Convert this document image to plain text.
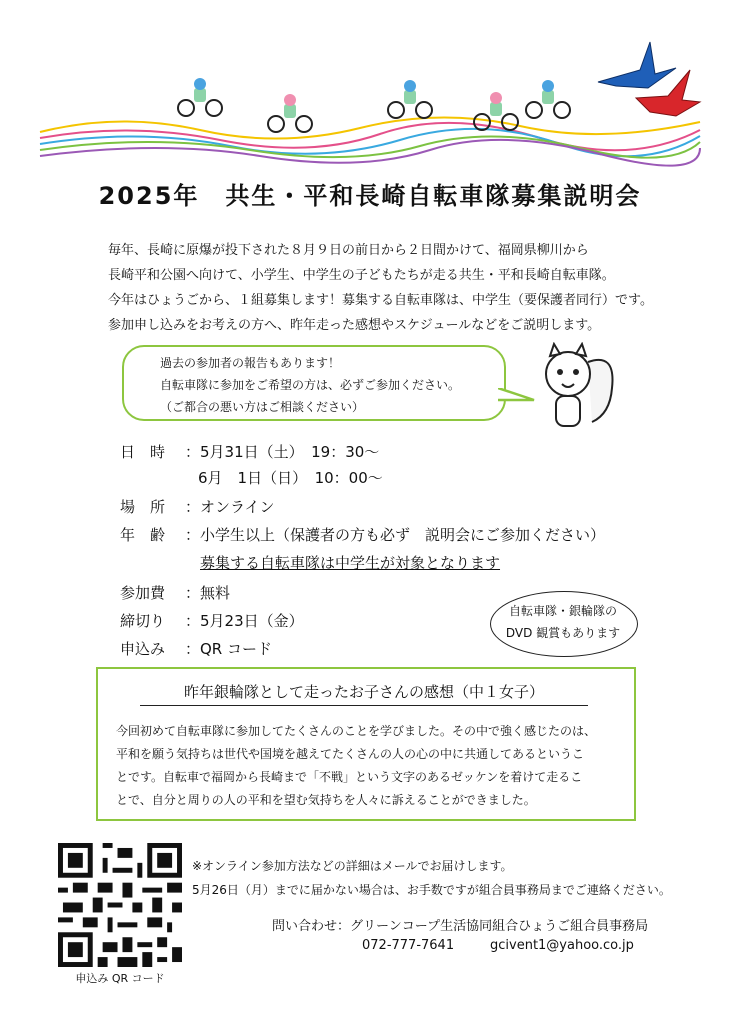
2025年　共生・平和長崎自転車隊募集説明会
毎年、長崎に原爆が投下された８月９日の前日から２日間かけて、福岡県柳川から
長崎平和公園へ向けて、小学生、中学生の子どもたちが走る共生・平和長崎自転車隊。
今年はひょうごから、１組募集します！募集する自転車隊は、中学生（要保護者同行）です。
参加申し込みをお考えの方へ、昨年走った感想やスケジュールなどをご説明します。
過去の参加者の報告もあります！
自転車隊に参加をご希望の方は、必ずご参加ください。
（ご都合の悪い方はご相談ください）
日　時 ：5月31日（土）　19：30〜
6月　1日（日）　10：00〜
場　所 ：オンライン
年　齢 ：小学生以上（保護者の方も必ず　説明会にご参加ください）
募集する自転車隊は中学生が対象となります
参加費 ：無料
締切り ：5月23日（金）
申込み ：QR コード
自転車隊・銀輪隊の
DVD 観賞もあります
昨年銀輪隊として走ったお子さんの感想（中１女子）
今回初めて自転車隊に参加してたくさんのことを学びました。その中で強く感じたのは、
平和を願う気持ちは世代や国境を越えてたくさんの人の心の中に共通してあるというこ
とです。自転車で福岡から長崎まで「不戦」という文字のあるゼッケンを着けて走るこ
とで、自分と周りの人の平和を望む気持ちを人々に訴えることができました。
申込み QR コード
※オンライン参加方法などの詳細はメールでお届けします。
5月26日（月）までに届かない場合は、お手数ですが組合員事務局までご連絡ください。
問い合わせ：グリーンコープ生活協同組合ひょうご組合員事務局
072-777-7641	gcivent1@yahoo.co.jp
